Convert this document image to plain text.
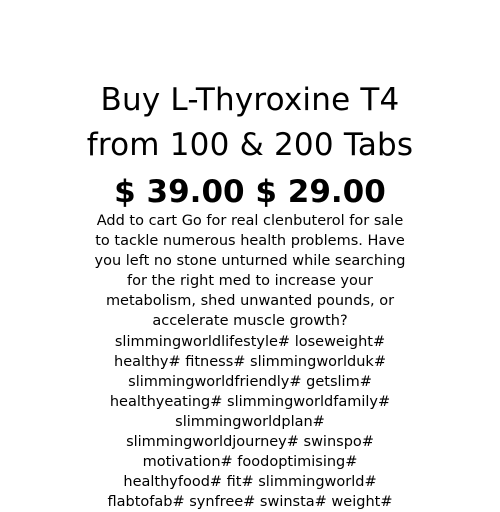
Buy L-Thyroxine T4
from 100 & 200 Tabs
$ 39.00 $ 29.00
Add to cart Go for real clenbuterol for sale
to tackle numerous health problems. Have
you left no stone unturned while searching
for the right med to increase your
metabolism, shed unwanted pounds, or
accelerate muscle growth?
slimmingworldlifestyle# loseweight#
healthy# fitness# slimmingworlduk#
slimmingworldfriendly# getslim#
healthyeating# slimmingworldfamily#
slimmingworldplan#
slimmingworldjourney# swinspo#
motivation# foodoptimising#
healthyfood# fit# slimmingworld#
flabtofab# synfree# swinsta# weight#
